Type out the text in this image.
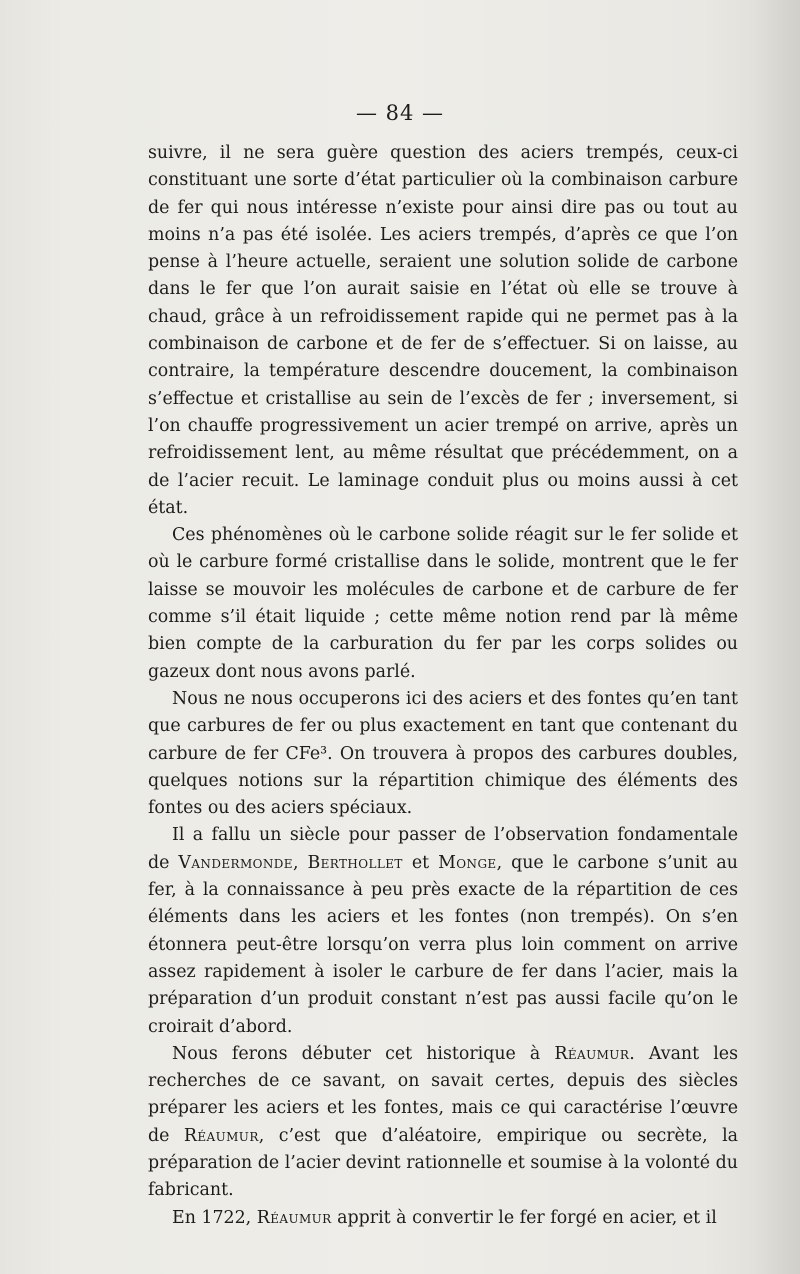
— 84 —

suivre, il ne sera guère question des aciers trempés, ceux-ci constituant une sorte d’état particulier où la combinaison carbure de fer qui nous intéresse n’existe pour ainsi dire pas ou tout au moins n’a pas été isolée. Les aciers trempés, d’après ce que l’on pense à l’heure actuelle, seraient une solution solide de carbone dans le fer que l’on aurait saisie en l’état où elle se trouve à chaud, grâce à un refroidissement rapide qui ne permet pas à la combinaison de carbone et de fer de s’effectuer. Si on laisse, au contraire, la température descendre doucement, la combinaison s’effectue et cristallise au sein de l’excès de fer ; inversement, si l’on chauffe progressivement un acier trempé on arrive, après un refroidissement lent, au même résultat que précédemment, on a de l’acier recuit. Le laminage conduit plus ou moins aussi à cet état.

Ces phénomènes où le carbone solide réagit sur le fer solide et où le carbure formé cristallise dans le solide, montrent que le fer laisse se mouvoir les molécules de carbone et de carbure de fer comme s’il était liquide ; cette même notion rend par là même bien compte de la carburation du fer par les corps solides ou gazeux dont nous avons parlé.

Nous ne nous occuperons ici des aciers et des fontes qu’en tant que carbures de fer ou plus exactement en tant que contenant du carbure de fer CFe³. On trouvera à propos des carbures doubles, quelques notions sur la répartition chimique des éléments des fontes ou des aciers spéciaux.

Il a fallu un siècle pour passer de l’observation fondamentale de Vandermonde, Berthollet et Monge, que le carbone s’unit au fer, à la connaissance à peu près exacte de la répartition de ces éléments dans les aciers et les fontes (non trempés). On s’en étonnera peut-être lorsqu’on verra plus loin comment on arrive assez rapidement à isoler le carbure de fer dans l’acier, mais la préparation d’un produit constant n’est pas aussi facile qu’on le croirait d’abord.

Nous ferons débuter cet historique à Réaumur. Avant les recherches de ce savant, on savait certes, depuis des siècles préparer les aciers et les fontes, mais ce qui caractérise l’œuvre de Réaumur, c’est que d’aléatoire, empirique ou secrète, la préparation de l’acier devint rationnelle et soumise à la volonté du fabricant.

En 1722, Réaumur apprit à convertir le fer forgé en acier, et il
